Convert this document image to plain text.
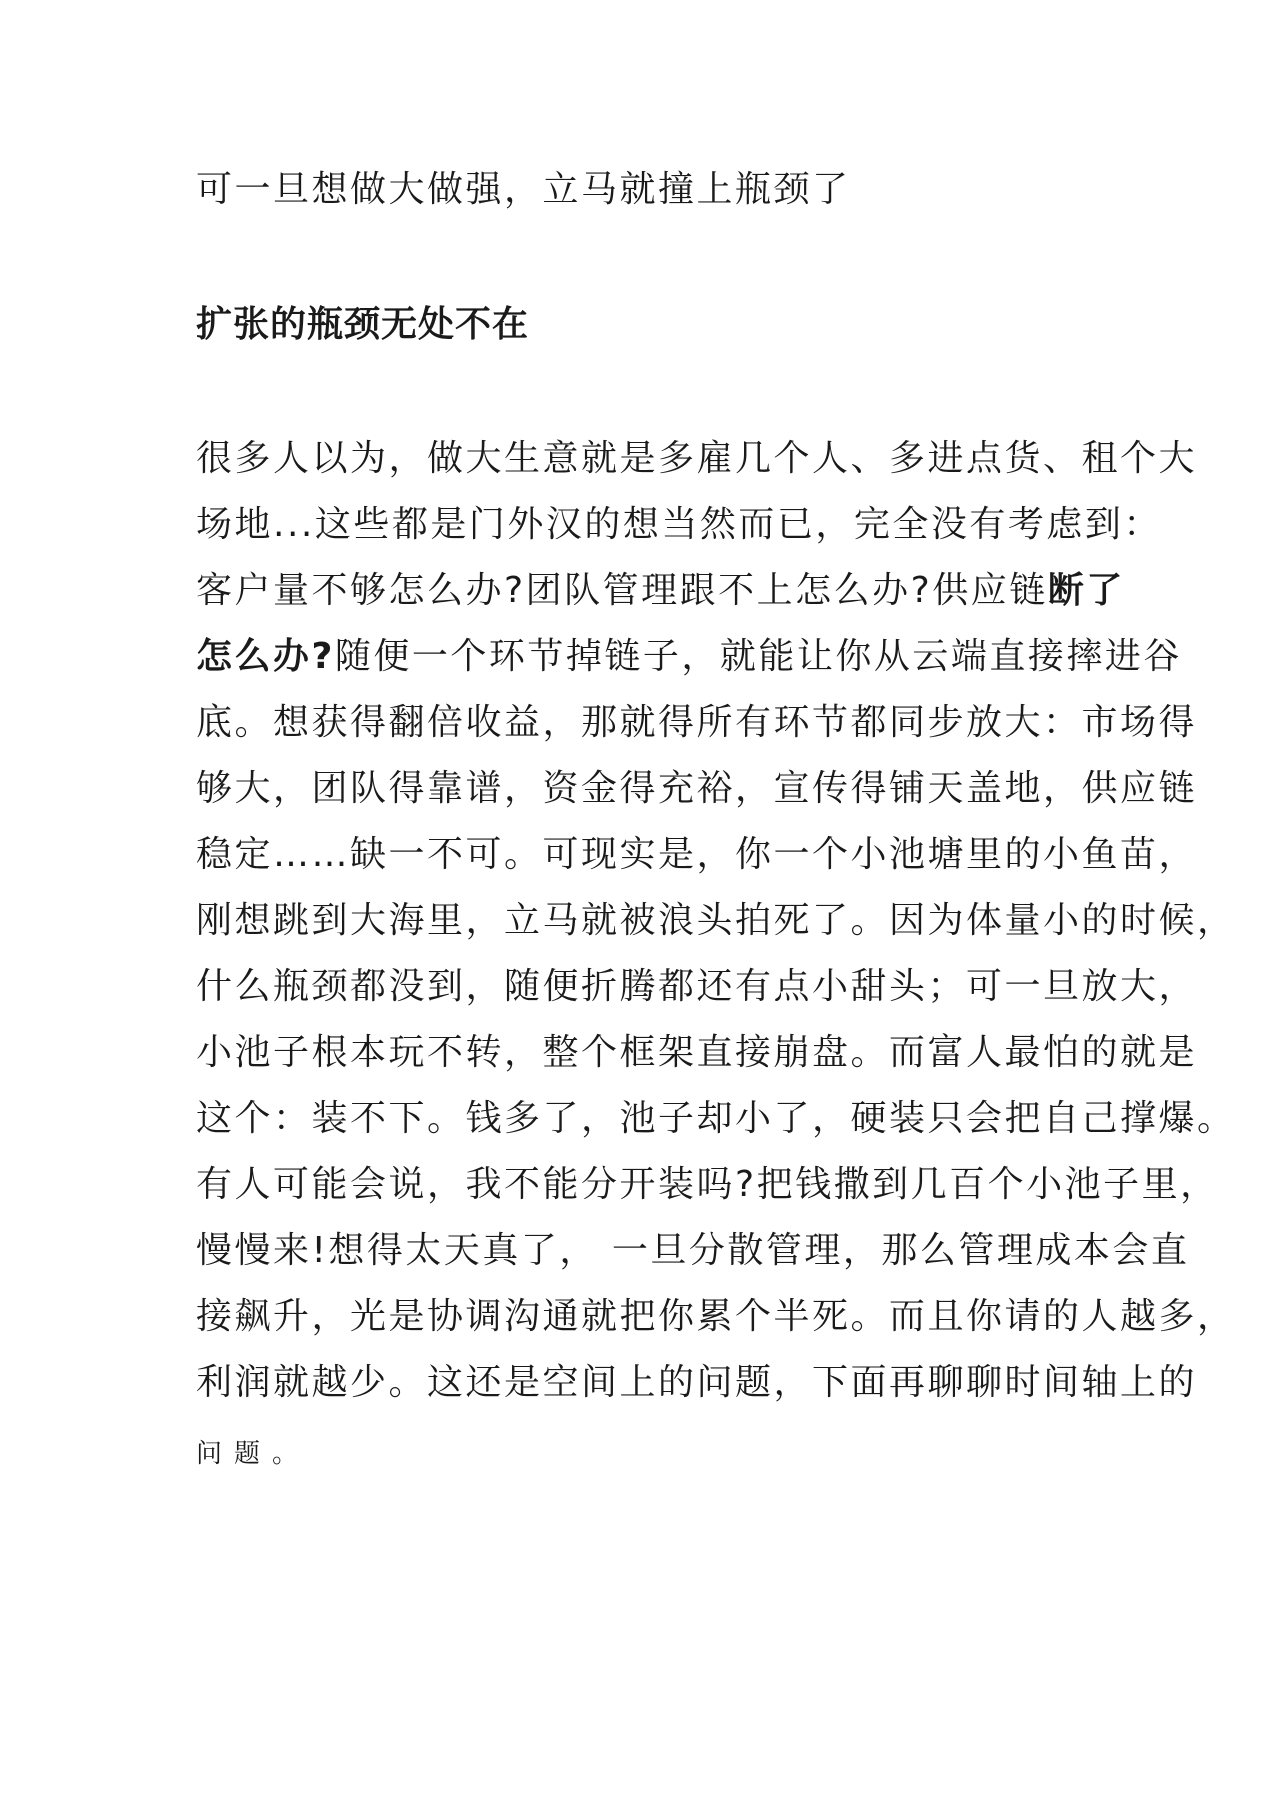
可一旦想做大做强，立马就撞上瓶颈了
扩张的瓶颈无处不在
很多人以为，做大生意就是多雇几个人、多进点货、租个大
场地...这些都是门外汉的想当然而已，完全没有考虑到：
客户量不够怎么办?团队管理跟不上怎么办?供应链断了
怎么办?随便一个环节掉链子，就能让你从云端直接摔进谷
底。想获得翻倍收益，那就得所有环节都同步放大：市场得
够大，团队得靠谱，资金得充裕，宣传得铺天盖地，供应链
稳定……缺一不可。可现实是，你一个小池塘里的小鱼苗，
刚想跳到大海里，立马就被浪头拍死了。因为体量小的时候，
什么瓶颈都没到，随便折腾都还有点小甜头；可一旦放大，
小池子根本玩不转，整个框架直接崩盘。而富人最怕的就是
这个：装不下。钱多了，池子却小了，硬装只会把自己撑爆。
有人可能会说，我不能分开装吗?把钱撒到几百个小池子里，
慢慢来!想得太天真了， 一旦分散管理，那么管理成本会直
接飙升，光是协调沟通就把你累个半死。而且你请的人越多，
利润就越少。这还是空间上的问题，下面再聊聊时间轴上的
问题。
